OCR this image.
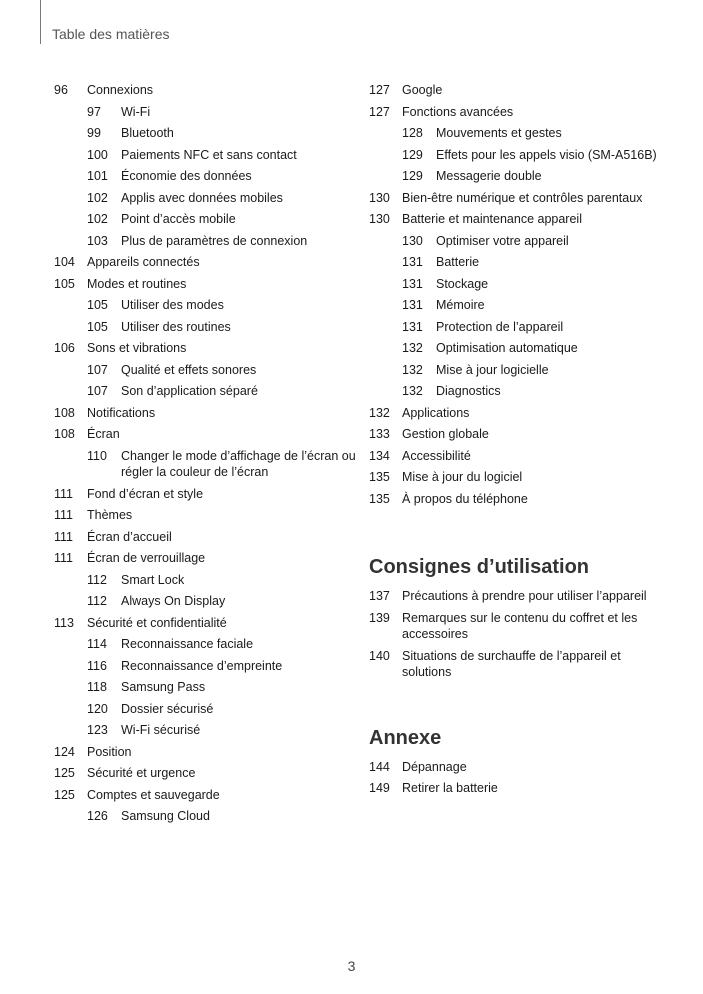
Table des matières
96	Connexions
97	Wi-Fi
99	Bluetooth
100	Paiements NFC et sans contact
101	Économie des données
102	Applis avec données mobiles
102	Point d’accès mobile
103	Plus de paramètres de connexion
104 Appareils connectés
105 Modes et routines
105	Utiliser des modes
105	Utiliser des routines
106 Sons et vibrations
107	Qualité et effets sonores
107	Son d’application séparé
108 Notifications
108 Écran
110	Changer le mode d’affichage de l’écran ou régler la couleur de l’écran
111	Fond d’écran et style
111	Thèmes
111	Écran d’accueil
111	Écran de verrouillage
112	Smart Lock
112	Always On Display
113	Sécurité et confidentialité
114	Reconnaissance faciale
116	Reconnaissance d’empreinte
118	Samsung Pass
120	Dossier sécurisé
123	Wi-Fi sécurisé
124 Position
125 Sécurité et urgence
125 Comptes et sauvegarde
126	Samsung Cloud
127 Google
127 Fonctions avancées
128	Mouvements et gestes
129	Effets pour les appels visio (SM-A516B)
129	Messagerie double
130 Bien-être numérique et contrôles parentaux
130 Batterie et maintenance appareil
130	Optimiser votre appareil
131	Batterie
131	Stockage
131	Mémoire
131	Protection de l’appareil
132	Optimisation automatique
132	Mise à jour logicielle
132	Diagnostics
132 Applications
133 Gestion globale
134 Accessibilité
135 Mise à jour du logiciel
135 À propos du téléphone
Consignes d’utilisation
137 Précautions à prendre pour utiliser l’appareil
139 Remarques sur le contenu du coffret et les accessoires
140 Situations de surchauffe de l’appareil et solutions
Annexe
144 Dépannage
149 Retirer la batterie
3
